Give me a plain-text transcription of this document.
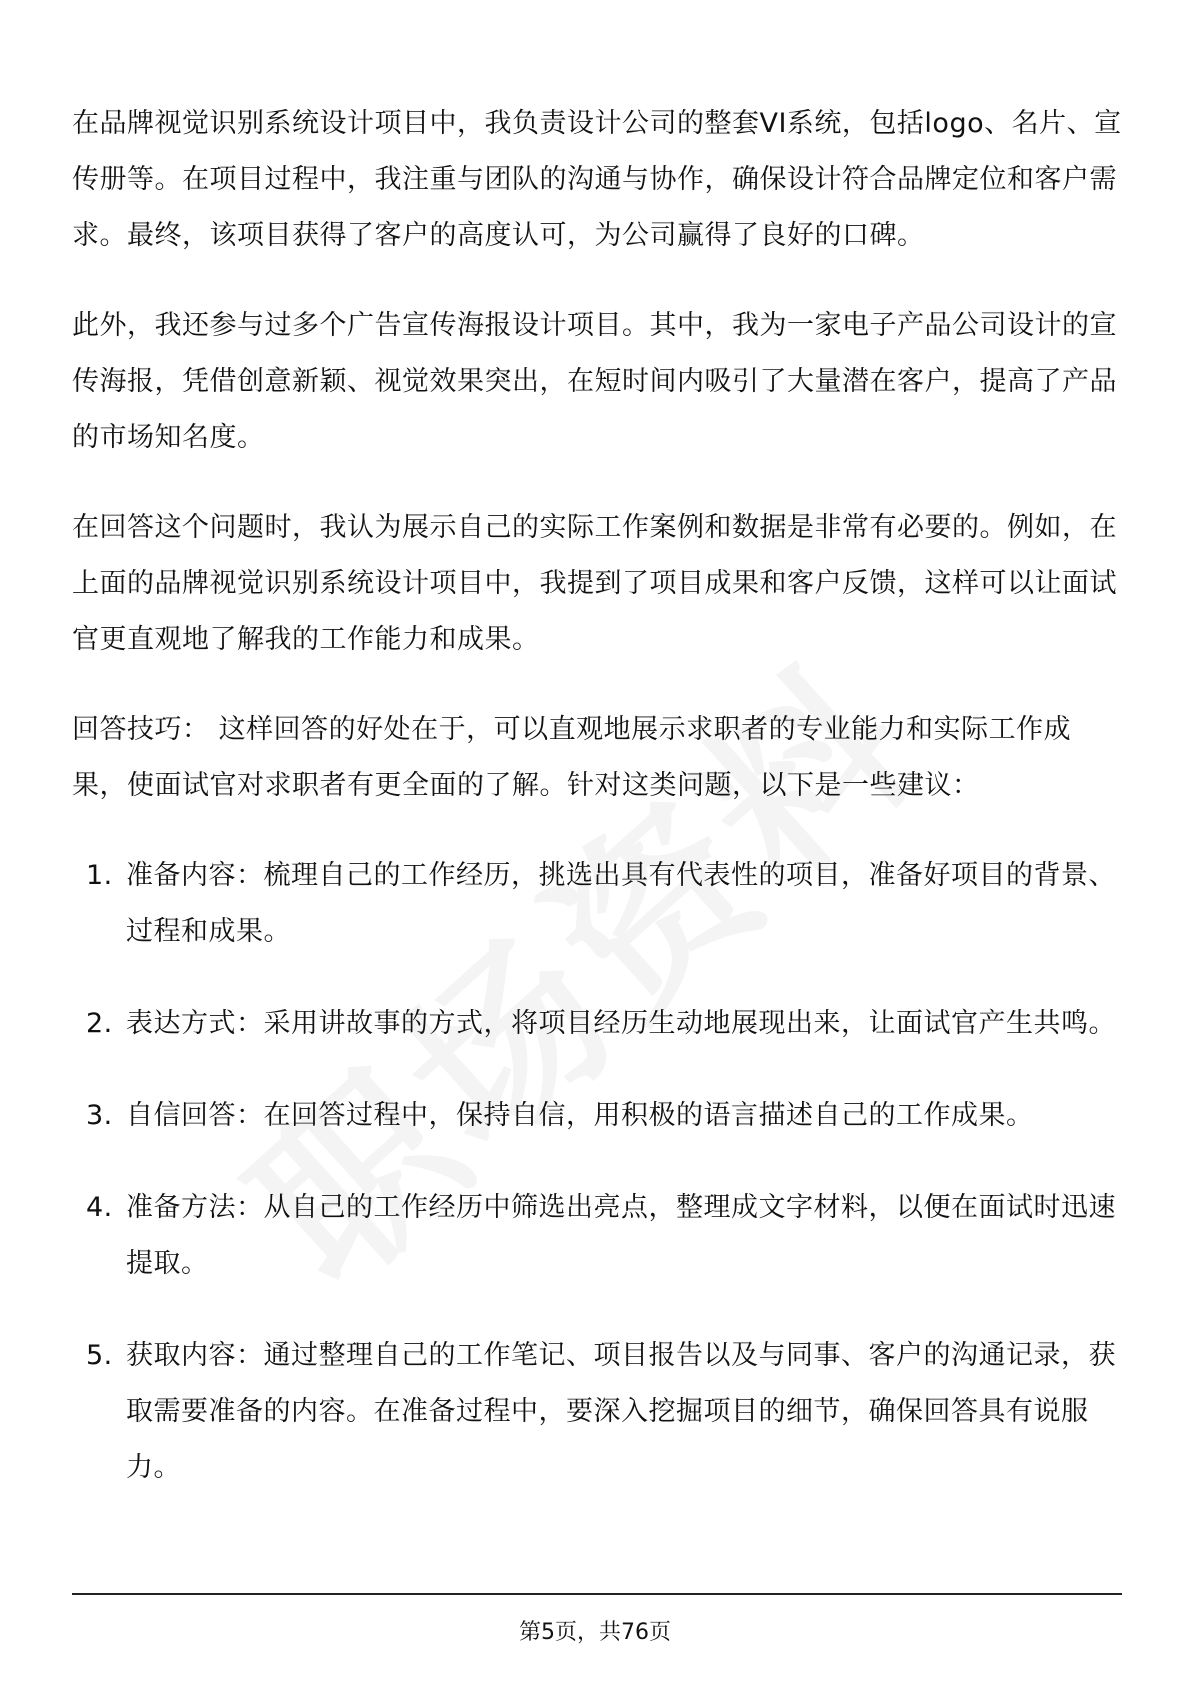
在品牌视觉识别系统设计项目中，我负责设计公司的整套VI系统，包括logo、名片、宣传册等。在项目过程中，我注重与团队的沟通与协作，确保设计符合品牌定位和客户需求。最终，该项目获得了客户的高度认可，为公司赢得了良好的口碑。

此外，我还参与过多个广告宣传海报设计项目。其中，我为一家电子产品公司设计的宣传海报，凭借创意新颖、视觉效果突出，在短时间内吸引了大量潜在客户，提高了产品的市场知名度。

在回答这个问题时，我认为展示自己的实际工作案例和数据是非常有必要的。例如，在上面的品牌视觉识别系统设计项目中，我提到了项目成果和客户反馈，这样可以让面试官更直观地了解我的工作能力和成果。

回答技巧： 这样回答的好处在于，可以直观地展示求职者的专业能力和实际工作成果，使面试官对求职者有更全面的了解。针对这类问题，以下是一些建议：

1. 准备内容：梳理自己的工作经历，挑选出具有代表性的项目，准备好项目的背景、过程和成果。
2. 表达方式：采用讲故事的方式，将项目经历生动地展现出来，让面试官产生共鸣。
3. 自信回答：在回答过程中，保持自信，用积极的语言描述自己的工作成果。
4. 准备方法：从自己的工作经历中筛选出亮点，整理成文字材料，以便在面试时迅速提取。
5. 获取内容：通过整理自己的工作笔记、项目报告以及与同事、客户的沟通记录，获取需要准备的内容。在准备过程中，要深入挖掘项目的细节，确保回答具有说服力。
第5页，共76页
